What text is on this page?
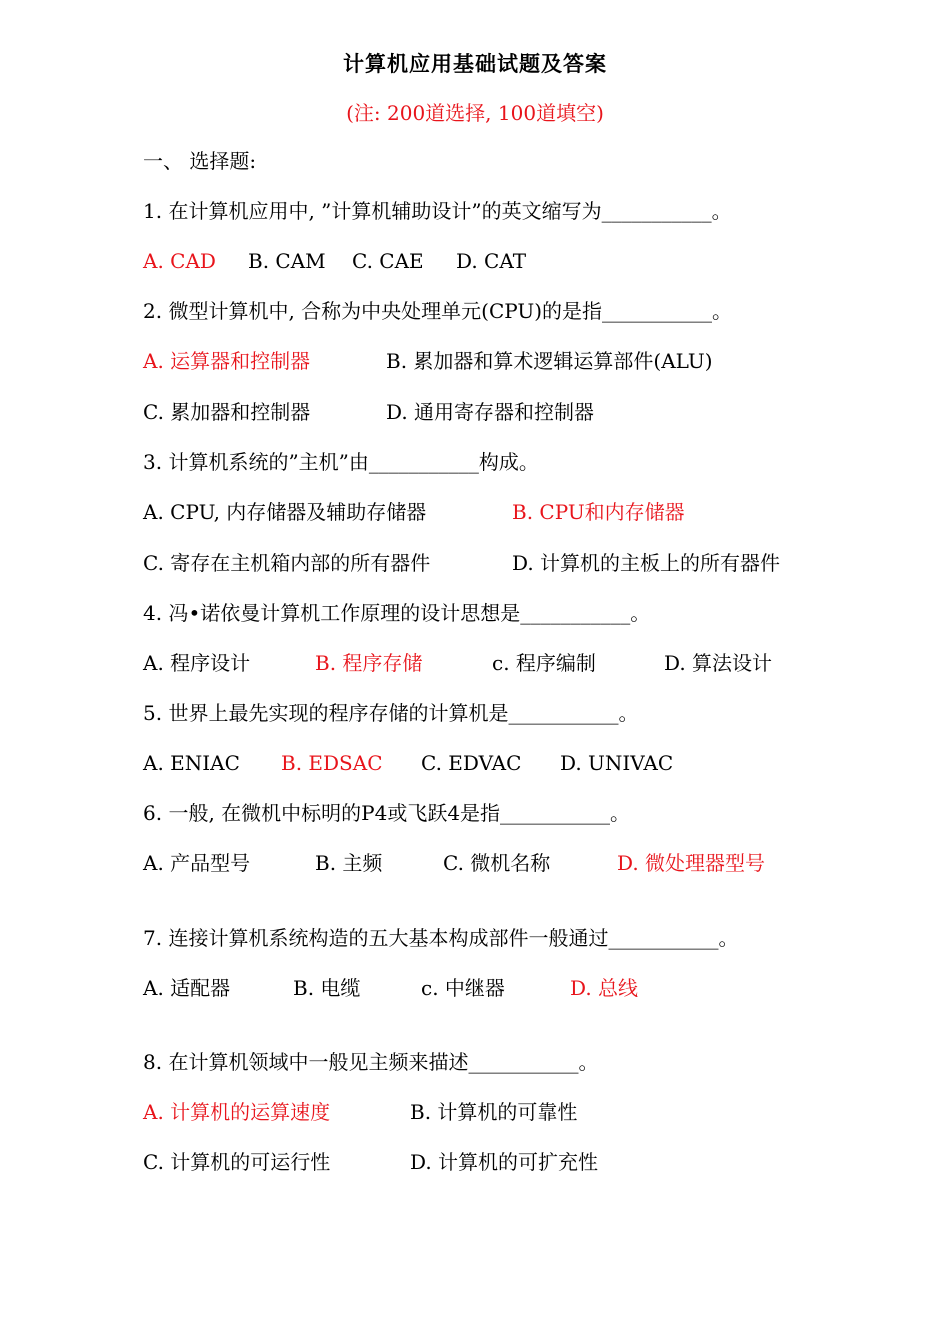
计算机应用基础试题及答案
(注: 200道选择, 100道填空)
一、 选择题:
1. 在计算机应用中, ”计算机辅助设计”的英文缩写为___________。
A. CAD B. CAM C. CAE D. CAT
2. 微型计算机中, 合称为中央处理单元(CPU)的是指___________。
A. 运算器和控制器	B. 累加器和算术逻辑运算部件(ALU)
C. 累加器和控制器	D. 通用寄存器和控制器
3. 计算机系统的”主机”由___________构成。
A. CPU, 内存储器及辅助存储器	B. CPU和内存储器
C. 寄存在主机箱内部的所有器件	D. 计算机的主板上的所有器件
4. 冯•诺依曼计算机工作原理的设计思想是___________。
A. 程序设计	B. 程序存储	c. 程序编制	D. 算法设计
5. 世界上最先实现的程序存储的计算机是___________。
A. ENIAC B. EDSAC C. EDVAC D. UNIVAC
6. 一般, 在微机中标明的P4或飞跃4是指___________。
A. 产品型号	B. 主频	C. 微机名称	D. 微处理器型号
7. 连接计算机系统构造的五大基本构成部件一般通过___________。
A. 适配器	B. 电缆	c. 中继器	D. 总线
8. 在计算机领域中一般见主频来描述___________。
A. 计算机的运算速度	B. 计算机的可靠性
C. 计算机的可运行性	D. 计算机的可扩充性
